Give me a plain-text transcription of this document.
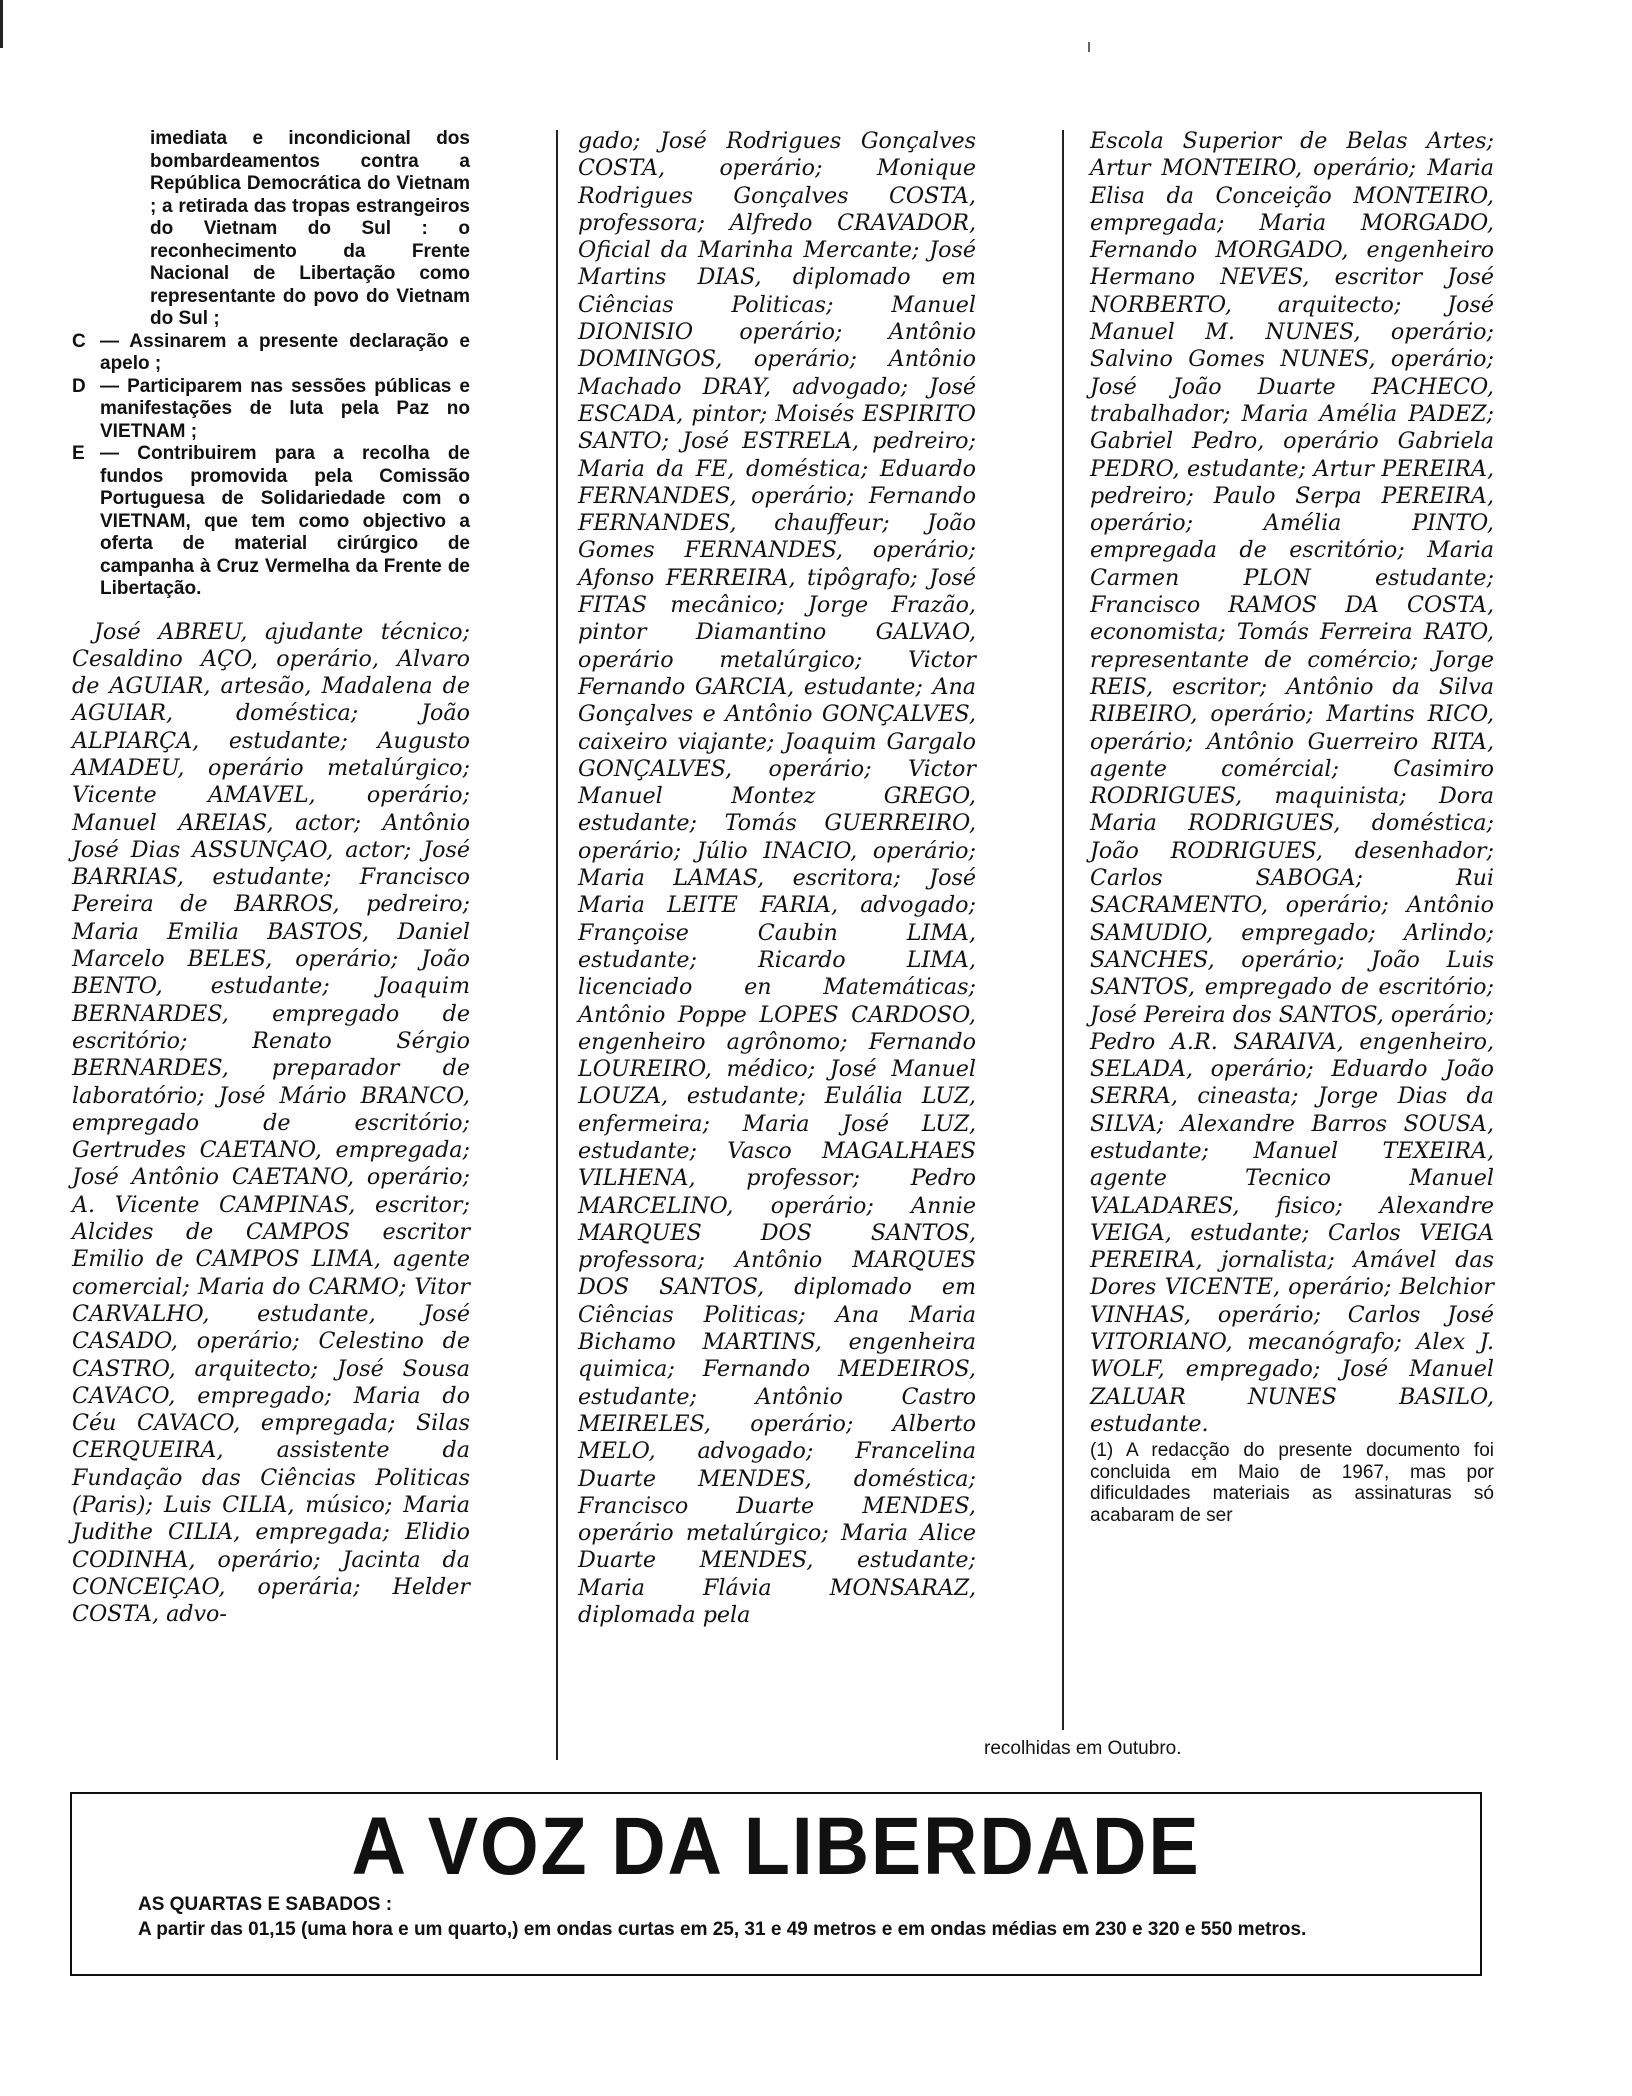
imediata e incondicional dos bombardeamentos contra a República Democrática do Vietnam ; a retirada das tropas estrangeiros do Vietnam do Sul : o reconhecimento da Frente Nacional de Libertação como representante do povo do Vietnam do Sul ;
C — Assinarem a presente declaração e apelo ;
D — Participarem nas sessões públicas e manifestações de luta pela Paz no VIETNAM ;
E — Contribuirem para a recolha de fundos promovida pela Comissão Portuguesa de Solidariedade com o VIETNAM, que tem como objectivo a oferta de material cirúrgico de campanha à Cruz Vermelha da Frente de Libertação.

José ABREU, ajudante técnico; Cesaldino AÇO, operário, Alvaro de AGUIAR, artesão, Madalena de AGUIAR, doméstica; João ALPIARÇA, estudante; Augusto AMADEU, operário metalúrgico; Vicente AMAVEL, operário; Manuel AREIAS, actor; Antônio José Dias ASSUNÇAO, actor; José BARRIAS, estudante; Francisco Pereira de BARROS, pedreiro; Maria Emilia BASTOS, Daniel Marcelo BELES, operário; João BENTO, estudante; Joaquim BERNARDES, empregado de escritório; Renato Sérgio BERNARDES, preparador de laboratório; José Mário BRANCO, empregado de escritório; Gertrudes CAETANO, empregada; José Antônio CAETANO, operário; A. Vicente CAMPINAS, escritor; Alcides de CAMPOS escritor Emilio de CAMPOS LIMA, agente comercial; Maria do CARMO; Vitor CARVALHO, estudante, José CASADO, operário; Celestino de CASTRO, arquitecto; José Sousa CAVACO, empregado; Maria do Céu CAVACO, empregada; Silas CERQUEIRA, assistente da Fundação das Ciências Politicas (Paris); Luis CILIA, músico; Maria Judithe CILIA, empregada; Elidio CODINHA, operário; Jacinta da CONCEIÇAO, operária; Helder COSTA, advo-

gado; José Rodrigues Gonçalves COSTA, operário; Monique Rodrigues Gonçalves COSTA, professora; Alfredo CRAVADOR, Oficial da Marinha Mercante; José Martins DIAS, diplomado em Ciências Politicas; Manuel DIONISIO operário; Antônio DOMINGOS, operário; Antônio Machado DRAY, advogado; José ESCADA, pintor; Moisés ESPIRITO SANTO; José ESTRELA, pedreiro; Maria da FE, doméstica; Eduardo FERNANDES, operário; Fernando FERNANDES, chauffeur; João Gomes FERNANDES, operário; Afonso FERREIRA, tipôgrafo; José FITAS mecânico; Jorge Frazão, pintor Diamantino GALVAO, operário metalúrgico; Victor Fernando GARCIA, estudante; Ana Gonçalves e Antônio GONÇALVES, caixeiro viajante; Joaquim Gargalo GONÇALVES, operário; Victor Manuel Montez GREGO, estudante; Tomás GUERREIRO, operário; Júlio INACIO, operário; Maria LAMAS, escritora; José Maria LEITE FARIA, advogado; Françoise Caubin LIMA, estudante; Ricardo LIMA, licenciado en Matemáticas; Antônio Poppe LOPES CARDOSO, engenheiro agrônomo; Fernando LOUREIRO, médico; José Manuel LOUZA, estudante; Eulália LUZ, enfermeira; Maria José LUZ, estudante; Vasco MAGALHAES VILHENA, professor; Pedro MARCELINO, operário; Annie MARQUES DOS SANTOS, professora; Antônio MARQUES DOS SANTOS, diplomado em Ciências Politicas; Ana Maria Bichamo MARTINS, engenheira quimica; Fernando MEDEIROS, estudante; Antônio Castro MEIRELES, operário; Alberto MELO, advogado; Francelina Duarte MENDES, doméstica; Francisco Duarte MENDES, operário metalúrgico; Maria Alice Duarte MENDES, estudante; Maria Flávia MONSARAZ, diplomada pela

Escola Superior de Belas Artes; Artur MONTEIRO, operário; Maria Elisa da Conceição MONTEIRO, empregada; Maria MORGADO, Fernando MORGADO, engenheiro Hermano NEVES, escritor José NORBERTO, arquitecto; José Manuel M. NUNES, operário; Salvino Gomes NUNES, operário; José João Duarte PACHECO, trabalhador; Maria Amélia PADEZ; Gabriel Pedro, operário Gabriela PEDRO, estudante; Artur PEREIRA, pedreiro; Paulo Serpa PEREIRA, operário; Amélia PINTO, empregada de escritório; Maria Carmen PLON estudante; Francisco RAMOS DA COSTA, economista; Tomás Ferreira RATO, representante de comércio; Jorge REIS, escritor; Antônio da Silva RIBEIRO, operário; Martins RICO, operário; Antônio Guerreiro RITA, agente comércial; Casimiro RODRIGUES, maquinista; Dora Maria RODRIGUES, doméstica; João RODRIGUES, desenhador; Carlos SABOGA; Rui SACRAMENTO, operário; Antônio SAMUDIO, empregado; Arlindo; SANCHES, operário; João Luis SANTOS, empregado de escritório; José Pereira dos SANTOS, operário; Pedro A.R. SARAIVA, engenheiro, SELADA, operário; Eduardo João SERRA, cineasta; Jorge Dias da SILVA; Alexandre Barros SOUSA, estudante; Manuel TEXEIRA, agente Tecnico Manuel VALADARES, fisico; Alexandre VEIGA, estudante; Carlos VEIGA PEREIRA, jornalista; Amável das Dores VICENTE, operário; Belchior VINHAS, operário; Carlos José VITORIANO, mecanógrafo; Alex J. WOLF, empregado; José Manuel ZALUAR NUNES BASILO, estudante.

(1) A redacção do presente documento foi concluida em Maio de 1967, mas por dificuldades materiais as assinaturas só acabaram de ser

recolhidas em Outubro.
A VOZ DA LIBERDADE
AS QUARTAS E SABADOS :
A partir das 01,15 (uma hora e um quarto,) em ondas curtas em 25, 31 e 49 metros e em ondas médias em 230 e 320 e 550 metros.
